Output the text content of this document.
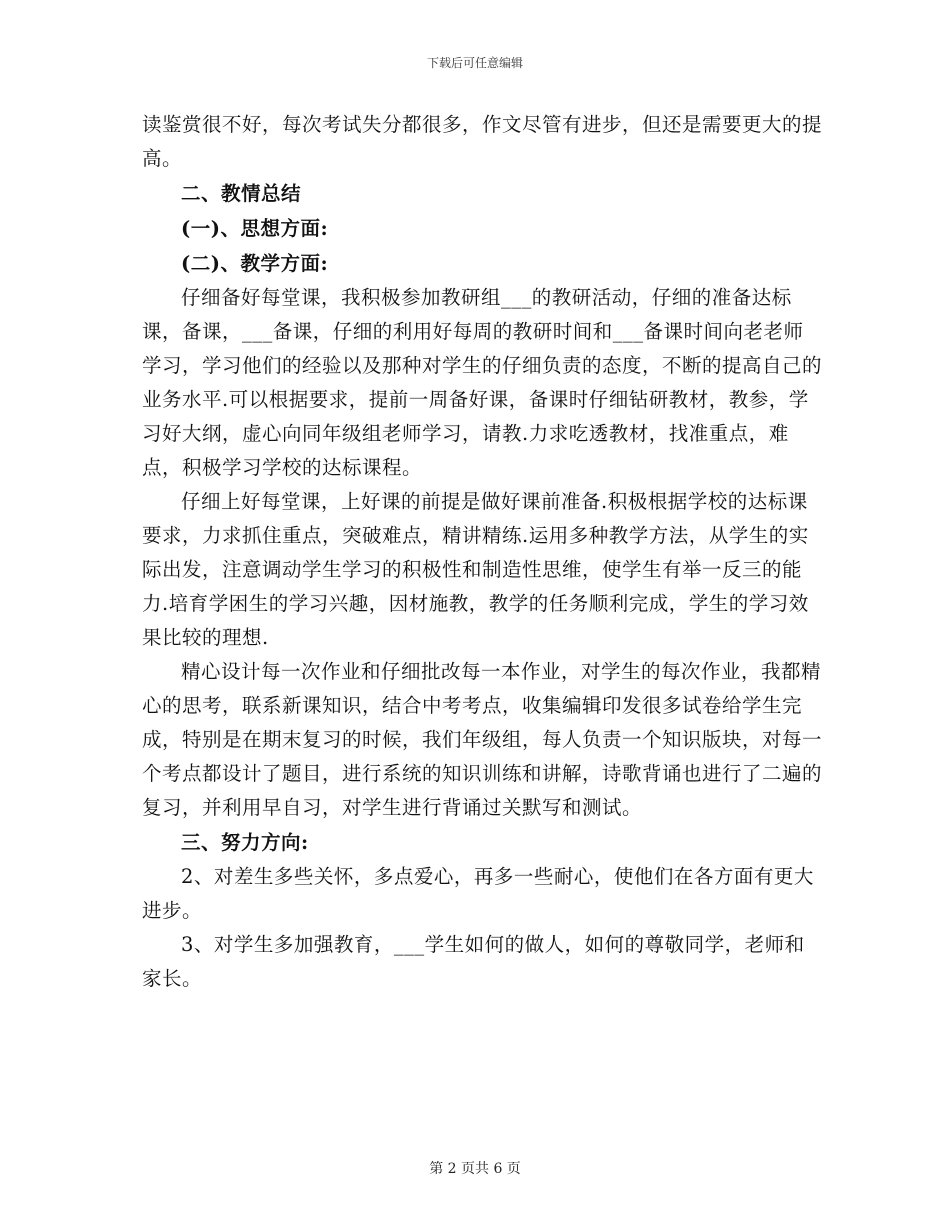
下载后可任意编辑

读鉴赏很不好，每次考试失分都很多，作文尽管有进步，但还是需要更大的提高。

二、教情总结

(一)、思想方面:

(二)、教学方面:

仔细备好每堂课，我积极参加教研组___的教研活动，仔细的准备达标课，备课，___备课，仔细的利用好每周的教研时间和___备课时间向老老师学习，学习他们的经验以及那种对学生的仔细负责的态度，不断的提高自己的业务水平.可以根据要求，提前一周备好课，备课时仔细钻研教材，教参，学习好大纲，虚心向同年级组老师学习，请教.力求吃透教材，找准重点，难点，积极学习学校的达标课程。

仔细上好每堂课，上好课的前提是做好课前准备.积极根据学校的达标课要求，力求抓住重点，突破难点，精讲精练.运用多种教学方法，从学生的实际出发，注意调动学生学习的积极性和制造性思维，使学生有举一反三的能力.培育学困生的学习兴趣，因材施教，教学的任务顺利完成，学生的学习效果比较的理想.

精心设计每一次作业和仔细批改每一本作业，对学生的每次作业，我都精心的思考，联系新课知识，结合中考考点，收集编辑印发很多试卷给学生完成，特别是在期末复习的时候，我们年级组，每人负责一个知识版块，对每一个考点都设计了题目，进行系统的知识训练和讲解，诗歌背诵也进行了二遍的复习，并利用早自习，对学生进行背诵过关默写和测试。

三、努力方向:

2、对差生多些关怀，多点爱心，再多一些耐心，使他们在各方面有更大进步。

3、对学生多加强教育，___学生如何的做人，如何的尊敬同学，老师和家长。

第 2 页共 6 页
